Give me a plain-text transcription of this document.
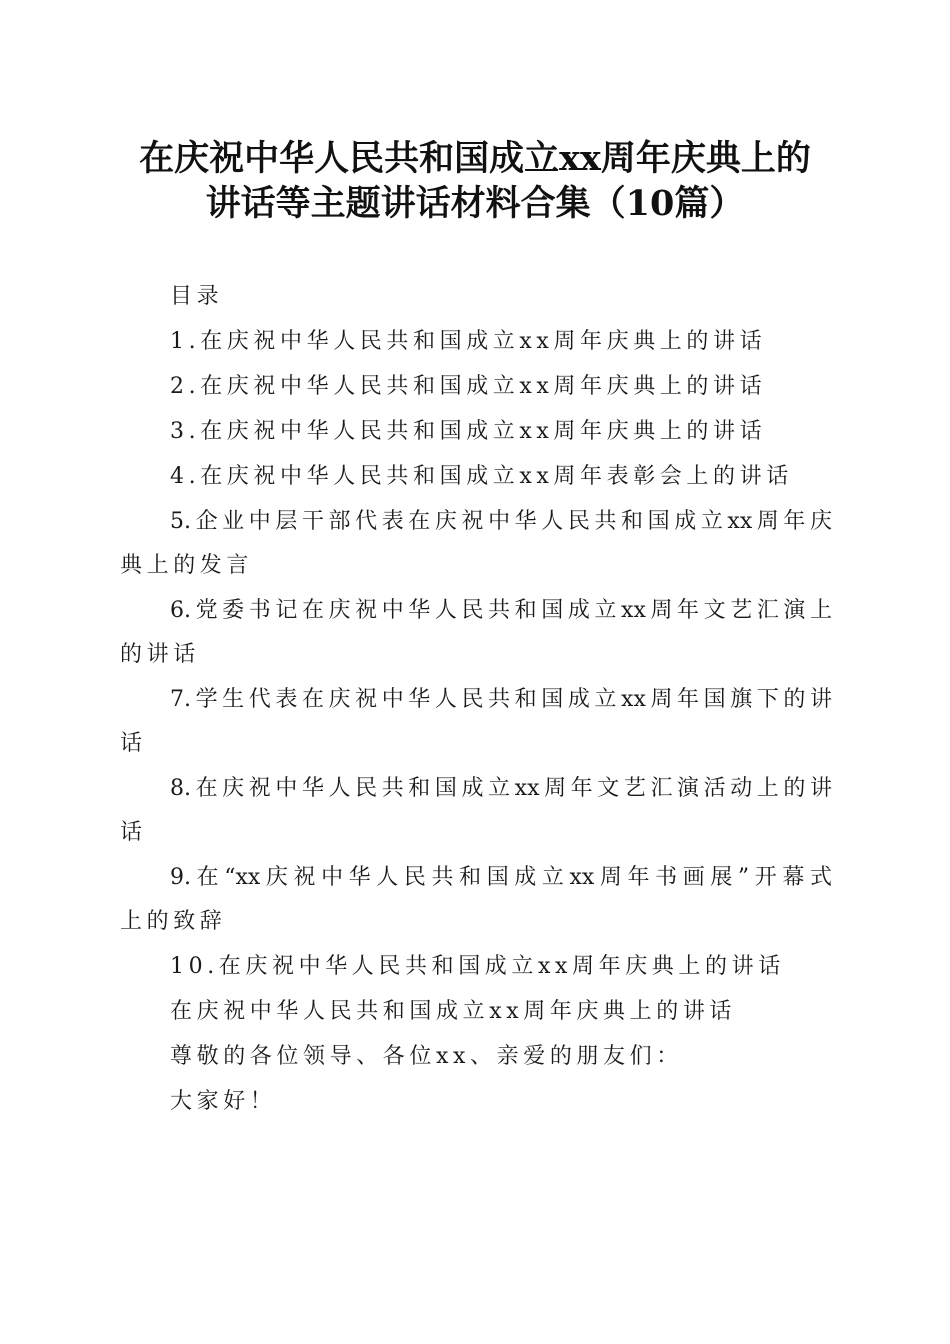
在庆祝中华人民共和国成立xx周年庆典上的
讲话等主题讲话材料合集（10篇）
目录
1.在庆祝中华人民共和国成立xx周年庆典上的讲话
2.在庆祝中华人民共和国成立xx周年庆典上的讲话
3.在庆祝中华人民共和国成立xx周年庆典上的讲话
4.在庆祝中华人民共和国成立xx周年表彰会上的讲话
5.企业中层干部代表在庆祝中华人民共和国成立xx周年庆
典上的发言
6.党委书记在庆祝中华人民共和国成立xx周年文艺汇演上
的讲话
7.学生代表在庆祝中华人民共和国成立xx周年国旗下的讲
话
8.在庆祝中华人民共和国成立xx周年文艺汇演活动上的讲
话
9.在“xx庆祝中华人民共和国成立xx周年书画展”开幕式
上的致辞
10.在庆祝中华人民共和国成立xx周年庆典上的讲话
在庆祝中华人民共和国成立xx周年庆典上的讲话
尊敬的各位领导、各位xx、亲爱的朋友们：
大家好！
